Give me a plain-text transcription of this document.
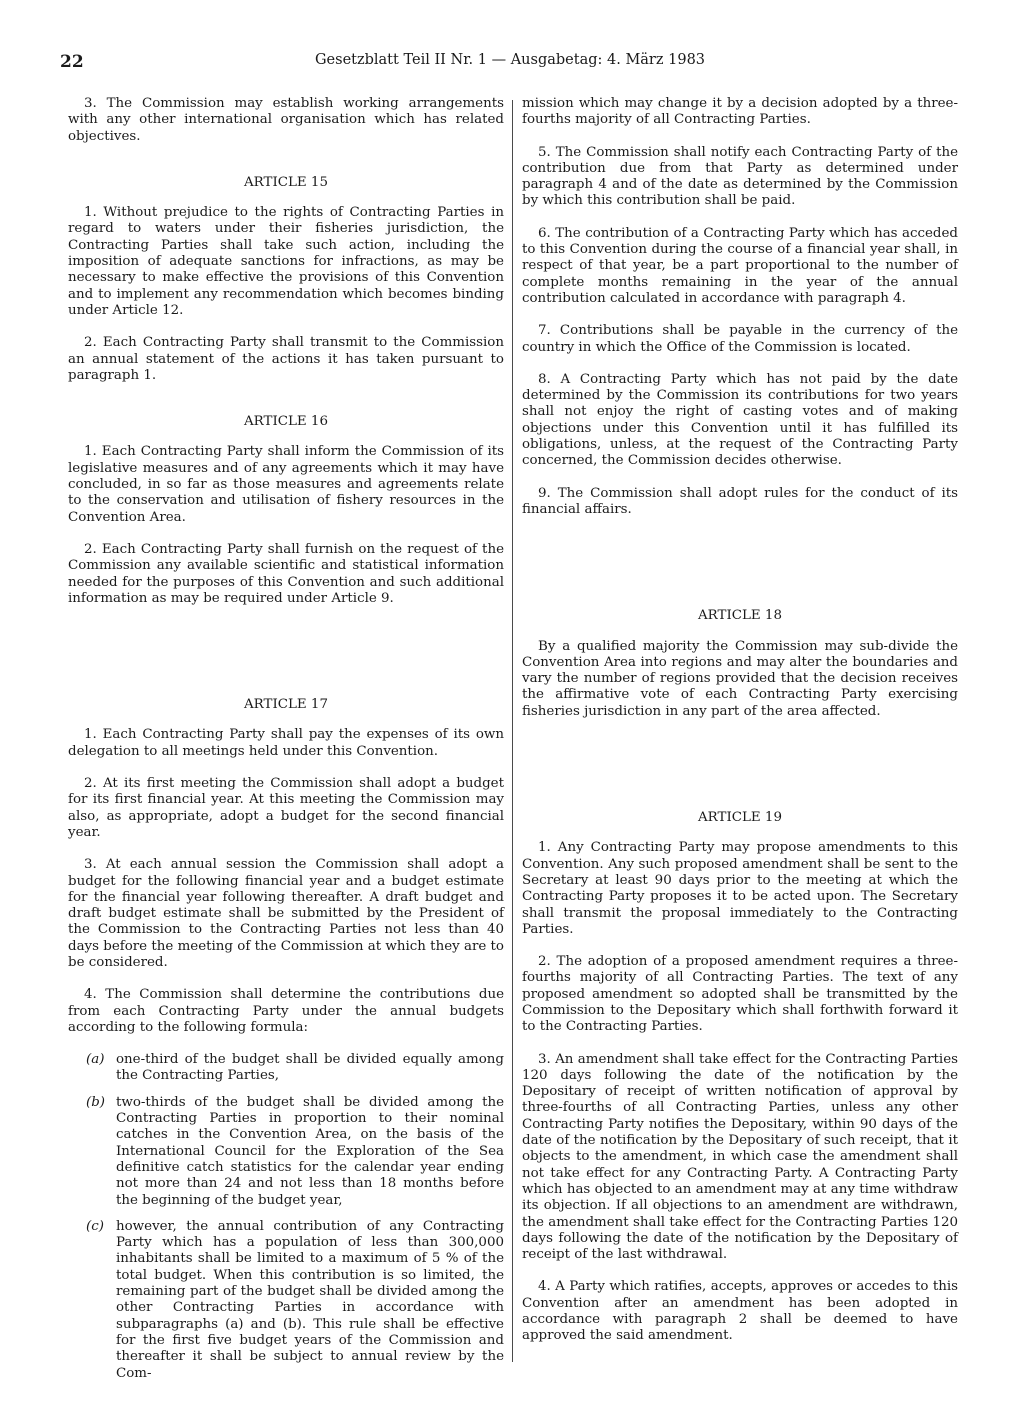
22	Gesetzblatt Teil II Nr. 1 — Ausgabetag: 4. März 1983

3. The Commission may establish working arrangements with any other international organisation which has related objectives.

ARTICLE 15

1. Without prejudice to the rights of Contracting Parties in regard to waters under their fisheries jurisdiction, the Contracting Parties shall take such action, including the imposition of adequate sanctions for infractions, as may be necessary to make effective the provisions of this Convention and to implement any recommendation which becomes binding under Article 12.

2. Each Contracting Party shall transmit to the Commission an annual statement of the actions it has taken pursuant to paragraph 1.

ARTICLE 16

1. Each Contracting Party shall inform the Commission of its legislative measures and of any agreements which it may have concluded, in so far as those measures and agreements relate to the conservation and utilisation of fishery resources in the Convention Area.

2. Each Contracting Party shall furnish on the request of the Commission any available scientific and statistical information needed for the purposes of this Convention and such additional information as may be required under Article 9.

ARTICLE 17

1. Each Contracting Party shall pay the expenses of its own delegation to all meetings held under this Convention.

2. At its first meeting the Commission shall adopt a budget for its first financial year. At this meeting the Commission may also, as appropriate, adopt a budget for the second financial year.

3. At each annual session the Commission shall adopt a budget for the following financial year and a budget estimate for the financial year following thereafter. A draft budget and draft budget estimate shall be submitted by the President of the Commission to the Contracting Parties not less than 40 days before the meeting of the Commission at which they are to be considered.

4. The Commission shall determine the contributions due from each Contracting Party under the annual budgets according to the following formula:

(a) one-third of the budget shall be divided equally among the Contracting Parties,
(b) two-thirds of the budget shall be divided among the Contracting Parties in proportion to their nominal catches in the Convention Area, on the basis of the International Council for the Exploration of the Sea definitive catch statistics for the calendar year ending not more than 24 and not less than 18 months before the beginning of the budget year,
(c) however, the annual contribution of any Contracting Party which has a population of less than 300,000 inhabitants shall be limited to a maximum of 5 % of the total budget. When this contribution is so limited, the remaining part of the budget shall be divided among the other Contracting Parties in accordance with subparagraphs (a) and (b). This rule shall be effective for the first five budget years of the Commission and thereafter it shall be subject to annual review by the Com-

mission which may change it by a decision adopted by a three-fourths majority of all Contracting Parties.

5. The Commission shall notify each Contracting Party of the contribution due from that Party as determined under paragraph 4 and of the date as determined by the Commission by which this contribution shall be paid.

6. The contribution of a Contracting Party which has acceded to this Convention during the course of a financial year shall, in respect of that year, be a part proportional to the number of complete months remaining in the year of the annual contribution calculated in accordance with paragraph 4.

7. Contributions shall be payable in the currency of the country in which the Office of the Commission is located.

8. A Contracting Party which has not paid by the date determined by the Commission its contributions for two years shall not enjoy the right of casting votes and of making objections under this Convention until it has fulfilled its obligations, unless, at the request of the Contracting Party concerned, the Commission decides otherwise.

9. The Commission shall adopt rules for the conduct of its financial affairs.

ARTICLE 18

By a qualified majority the Commission may sub-divide the Convention Area into regions and may alter the boundaries and vary the number of regions provided that the decision receives the affirmative vote of each Contracting Party exercising fisheries jurisdiction in any part of the area affected.

ARTICLE 19

1. Any Contracting Party may propose amendments to this Convention. Any such proposed amendment shall be sent to the Secretary at least 90 days prior to the meeting at which the Contracting Party proposes it to be acted upon. The Secretary shall transmit the proposal immediately to the Contracting Parties.

2. The adoption of a proposed amendment requires a three-fourths majority of all Contracting Parties. The text of any proposed amendment so adopted shall be transmitted by the Commission to the Depositary which shall forthwith forward it to the Contracting Parties.

3. An amendment shall take effect for the Contracting Parties 120 days following the date of the notification by the Depositary of receipt of written notification of approval by three-fourths of all Contracting Parties, unless any other Contracting Party notifies the Depositary, within 90 days of the date of the notification by the Depositary of such receipt, that it objects to the amendment, in which case the amendment shall not take effect for any Contracting Party. A Contracting Party which has objected to an amendment may at any time withdraw its objection. If all objections to an amendment are withdrawn, the amendment shall take effect for the Contracting Parties 120 days following the date of the notification by the Depositary of receipt of the last withdrawal.

4. A Party which ratifies, accepts, approves or accedes to this Convention after an amendment has been adopted in accordance with paragraph 2 shall be deemed to have approved the said amendment.
